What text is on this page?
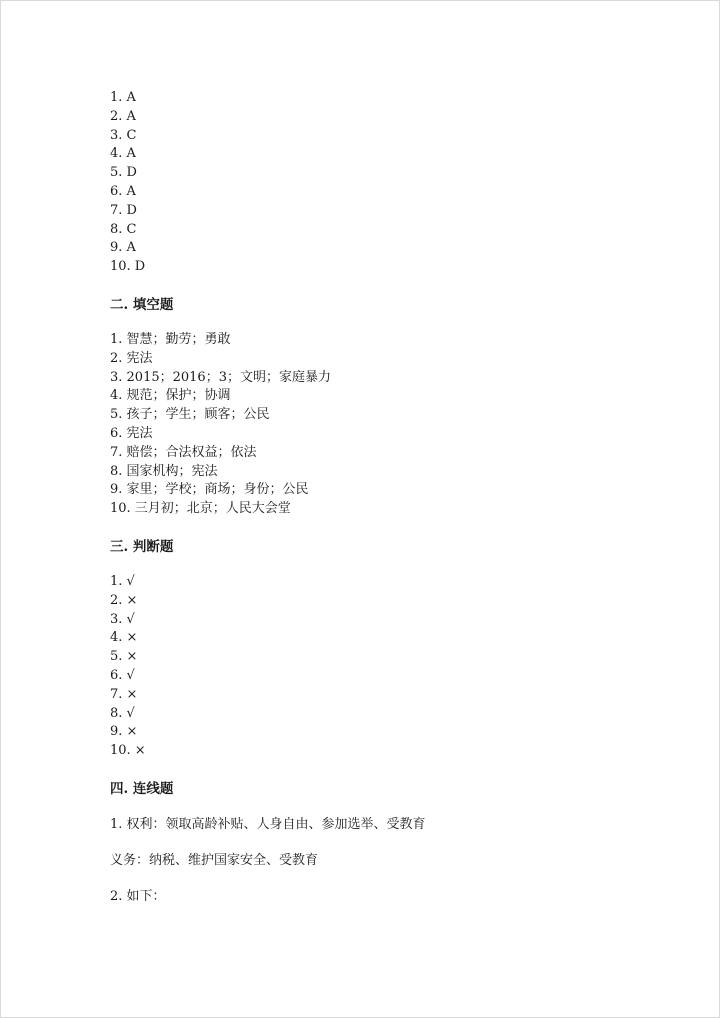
1. A
2. A
3. C
4. A
5. D
6. A
7. D
8. C
9. A
10. D
二. 填空题
1. 智慧；勤劳；勇敢
2. 宪法
3. 2015；2016；3；文明；家庭暴力
4. 规范；保护；协调
5. 孩子；学生；顾客；公民
6. 宪法
7. 赔偿；合法权益；依法
8. 国家机构；宪法
9. 家里；学校；商场；身份；公民
10. 三月初；北京；人民大会堂
三. 判断题
1. √
2. ×
3. √
4. ×
5. ×
6. √
7. ×
8. √
9. ×
10. ×
四. 连线题
1. 权利：领取高龄补贴、人身自由、参加选举、受教育
义务：纳税、维护国家安全、受教育
2. 如下：
